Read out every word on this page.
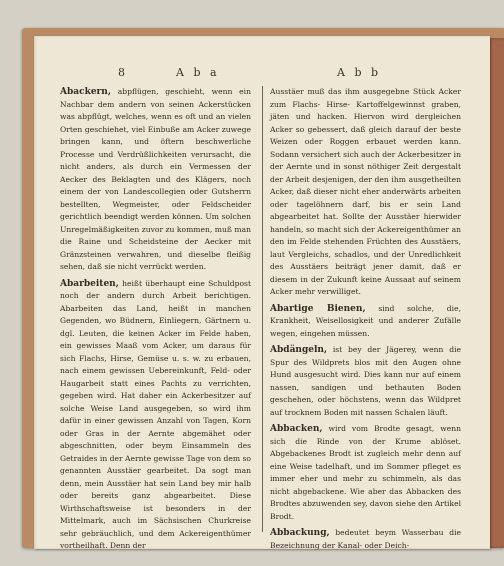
8	A b a	A b b

Abackern, abpflügen, geschieht, wenn ein Nachbar dem andern von seinen Ackerstücken was abpflügt, welches, wenn es oft und an vielen Orten geschiehet, viel Einbuße am Acker zuwege bringen kann, und öftern beschwerliche Processe und Verdrüßlichkeiten verursacht, die nicht anders, als durch ein Vermessen der Aecker des Beklagten und des Klägers, noch einem der von Landescollegien oder Gutsherrn bestellten, Wegmeister, oder Feldscheider gerichtlich beendigt werden können. Um solchen Unregelmäßigkeiten zuvor zu kommen, muß man die Raine und Scheidsteine der Aecker mit Gränzsteinen verwahren, und dieselbe fleißig sehen, daß sie nicht verrückt werden.

Abarbeiten, heißt überhaupt eine Schuldpost noch der andern durch Arbeit berichtigen. Abarbeiten das Land, heißt in manchen Gegenden, wo Büdnern, Einliegern, Gärtnern u. dgl. Leuten, die keinen Acker im Felde haben, ein gewisses Maaß vom Acker, um daraus für sich Flachs, Hirse, Gemüse u. s. w. zu erbauen, nach einem gewissen Uebereinkunft, Feld- oder Haugarbeit statt eines Pachts zu verrichten, gegeben wird. Hat daher ein Ackerbesitzer auf solche Weise Land ausgegeben, so wird ihm dafür in einer gewissen Anzahl von Tagen, Korn oder Gras in der Aernte abgemähet oder abgeschnitten, oder beym Einsammeln des Getraides in der Aernte gewisse Tage von dem so genannten Ausstäer gearbeitet. Da sogt man denn, mein Ausstäer hat sein Land bey mir halb oder bereits ganz abgearbeitet. Diese Wirthschaftsweise ist besonders in der Mittelmark, auch im Sächsischen Churkreise sehr gebräuchlich, und dem Ackereigenthümer vortheilhaft. Denn der

Ausstäer muß das ihm ausgegebne Stück Acker zum Flachs- Hirse- Kartoffelgewinnst graben, jäten und hacken. Hiervon wird dergleichen Acker so gebessert, daß gleich darauf der beste Weizen oder Roggen erbauet werden kann. Sodann versichert sich auch der Ackerbesitzer in der Aernte und in sonst nöthiger Zeit dergestalt der Arbeit desjenigen, der den ihm ausgetheilten Acker, daß dieser nicht eher anderwärts arbeiten oder tagelöhnern darf, bis er sein Land abgearbeitet hat. Sollte der Ausstäer hierwider handeln, so macht sich der Ackereigenthümer an den im Felde stehenden Früchten des Ausstäers, laut Vergleichs, schadlos, und der Unredlichkeit des Ausstäers beiträgt jener damit, daß er diesem in der Zukunft keine Aussaat auf seinem Acker mehr verwilliget.

Abartige Bienen, sind solche, die, Krankheit, Weisellosigkeit und anderer Zufälle wegen, eingehen müssen.

Abdängeln, ist bey der Jägerey, wenn die Spur des Wildprets blos mit den Augen ohne Hund ausgesucht wird. Dies kann nur auf einem nassen, sandigen und bethauten Boden geschehen, oder höchstens, wenn das Wildpret auf trocknem Boden mit nassen Schalen läuft.

Abbacken, wird vom Brodte gesagt, wenn sich die Rinde von der Krume ablöset. Abgebackenes Brodt ist zugleich mehr denn auf eine Weise tadelhaft, und im Sommer pfleget es immer eher und mehr zu schimmeln, als das nicht abgebackene. Wie aber das Abbacken des Brodtes abzuwenden sey, davon siehe den Artikel Brodt.

Abbackung, bedeutet beym Wasserbau die Bezeichnung der Kanal- oder Deich-
